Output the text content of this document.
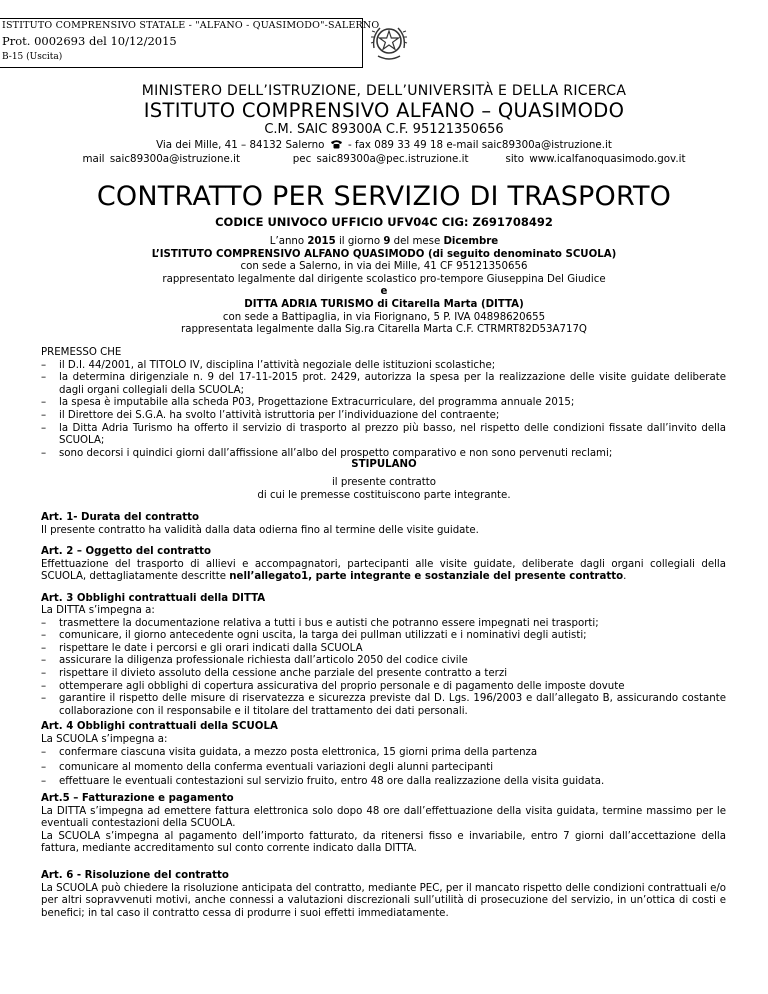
ISTITUTO COMPRENSIVO STATALE - "ALFANO - QUASIMODO"-SALERNO
Prot. 0002693 del 10/12/2015
B-15 (Uscita)
MINISTERO DELL’ISTRUZIONE, DELL’UNIVERSITÀ E DELLA RICERCA
ISTITUTO COMPRENSIVO ALFANO – QUASIMODO
C.M. SAIC 89300A C.F. 95121350656
Via dei Mille, 41 – 84132 Salerno  - fax 089 33 49 18 e-mail saic89300a@istruzione.it
mail saic89300a@istruzione.it	pec saic89300a@pec.istruzione.it	sito www.icalfanoquasimodo.gov.it
CONTRATTO PER SERVIZIO DI TRASPORTO
CODICE UNIVOCO UFFICIO UFV04C CIG: Z691708492
L’anno 2015 il giorno 9 del mese Dicembre
L’ISTITUTO COMPRENSIVO ALFANO QUASIMODO (di seguito denominato SCUOLA)
con sede a Salerno, in via dei Mille, 41 CF 95121350656
rappresentato legalmente dal dirigente scolastico pro-tempore Giuseppina Del Giudice
e
DITTA ADRIA TURISMO di Citarella Marta (DITTA)
con sede a Battipaglia, in via Fiorignano, 5 P. IVA 04898620655
rappresentata legalmente dalla Sig.ra Citarella Marta C.F. CTRMRT82D53A717Q

PREMESSO CHE

– il D.I. 44/2001, al TITOLO IV, disciplina l’attività negoziale delle istituzioni scolastiche;
– la determina dirigenziale n. 9 del 17-11-2015 prot. 2429, autorizza la spesa per la realizzazione delle visite guidate deliberate dagli organi collegiali della SCUOLA;
– la spesa è imputabile alla scheda P03, Progettazione Extracurriculare, del programma annuale 2015;
– il Direttore dei S.G.A. ha svolto l’attività istruttoria per l’individuazione del contraente;
– la Ditta Adria Turismo ha offerto il servizio di trasporto al prezzo più basso, nel rispetto delle condizioni fissate dall’invito della SCUOLA;
– sono decorsi i quindici giorni dall’affissione all’albo del prospetto comparativo e non sono pervenuti reclami;
STIPULANO
il presente contratto
di cui le premesse costituiscono parte integrante.

Art. 1- Durata del contratto

Il presente contratto ha validità dalla data odierna fino al termine delle visite guidate.

Art. 2 – Oggetto del contratto

Effettuazione del trasporto di allievi e accompagnatori, partecipanti alle visite guidate, deliberate dagli organi collegiali della SCUOLA, dettagliatamente descritte nell’allegato1, parte integrante e sostanziale del presente contratto.

Art. 3 Obblighi contrattuali della DITTA

La DITTA s’impegna a:

– trasmettere la documentazione relativa a tutti i bus e autisti che potranno essere impegnati nei trasporti;
– comunicare, il giorno antecedente ogni uscita, la targa dei pullman utilizzati e i nominativi degli autisti;
– rispettare le date i percorsi e gli orari indicati dalla SCUOLA
– assicurare la diligenza professionale richiesta dall’articolo 2050 del codice civile
– rispettare il divieto assoluto della cessione anche parziale del presente contratto a terzi
– ottemperare agli obblighi di copertura assicurativa del proprio personale e di pagamento delle imposte dovute
– garantire il rispetto delle misure di riservatezza e sicurezza previste dal D. Lgs. 196/2003 e dall’allegato B, assicurando costante collaborazione con il responsabile e il titolare del trattamento dei dati personali.

Art. 4 Obblighi contrattuali della SCUOLA

La SCUOLA s’impegna a:

– confermare ciascuna visita guidata, a mezzo posta elettronica, 15 giorni prima della partenza
– comunicare al momento della conferma eventuali variazioni degli alunni partecipanti
– effettuare le eventuali contestazioni sul servizio fruito, entro 48 ore dalla realizzazione della visita guidata.

Art.5 – Fatturazione e pagamento

La DITTA s’impegna ad emettere fattura elettronica solo dopo 48 ore dall’effettuazione della visita guidata, termine massimo per le eventuali contestazioni della SCUOLA.

La SCUOLA s’impegna al pagamento dell’importo fatturato, da ritenersi fisso e invariabile, entro 7 giorni dall’accettazione della fattura, mediante accreditamento sul conto corrente indicato dalla DITTA.

Art. 6 - Risoluzione del contratto

La SCUOLA può chiedere la risoluzione anticipata del contratto, mediante PEC, per il mancato rispetto delle condizioni contrattuali e/o per altri sopravvenuti motivi, anche connessi a valutazioni discrezionali sull’utilità di prosecuzione del servizio, in un’ottica di costi e benefici; in tal caso il contratto cessa di produrre i suoi effetti immediatamente.
